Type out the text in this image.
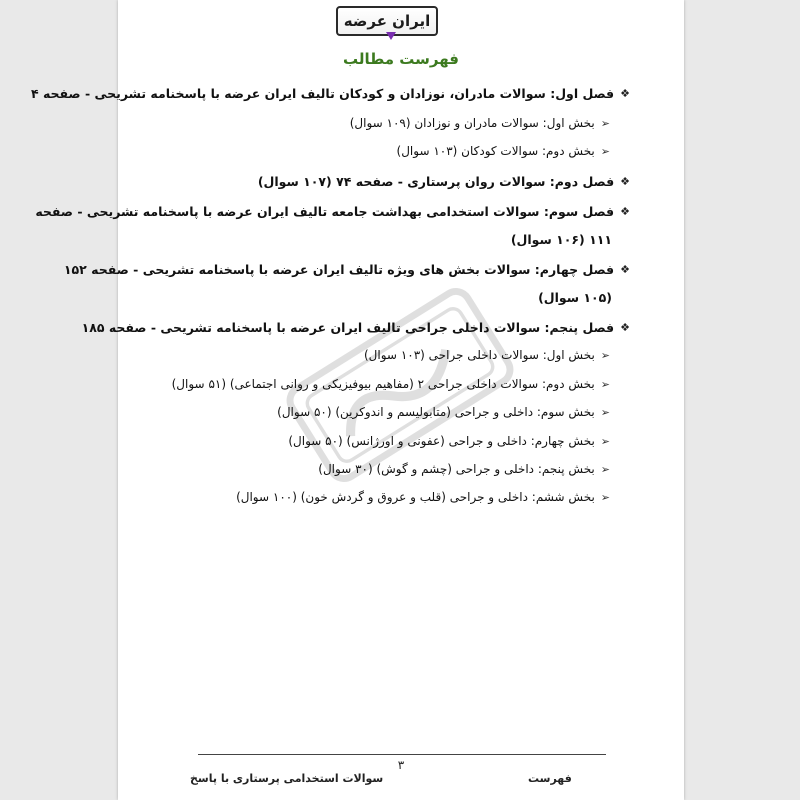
ایران عرضه
فهرست مطالب
❖
فصل اول: سوالات مادران، نوزادان و کودکان تالیف ایران عرضه با پاسخنامه تشریحی - صفحه ۴
➢
بخش اول: سوالات مادران و نوزادان (۱۰۹ سوال)
➢
بخش دوم: سوالات کودکان (۱۰۳ سوال)
❖
فصل دوم: سوالات روان پرستاری - صفحه ۷۴ (۱۰۷ سوال)
❖
فصل سوم: سوالات استخدامی بهداشت جامعه تالیف ایران عرضه با پاسخنامه تشریحی - صفحه
۱۱۱ (۱۰۶ سوال)
❖
فصل چهارم: سوالات بخش های ویژه تالیف ایران عرضه با پاسخنامه تشریحی - صفحه ۱۵۲
(۱۰۵ سوال)
❖
فصل پنجم: سوالات داخلی جراحی تالیف ایران عرضه با پاسخنامه تشریحی - صفحه ۱۸۵
➢
بخش اول: سوالات داخلی جراحی (۱۰۳ سوال)
➢
بخش دوم: سوالات داخلی جراحی ۲ (مفاهیم بیوفیزیکی و روانی اجتماعی) (۵۱ سوال)
➢
بخش سوم: داخلی و جراحی (متابولیسم و اندوکرین) (۵۰ سوال)
➢
بخش چهارم: داخلی و جراحی (عفونی و اورژانس) (۵۰ سوال)
➢
بخش پنجم: داخلی و جراحی (چشم و گوش) (۳۰ سوال)
➢
بخش ششم: داخلی و جراحی (قلب و عروق و گردش خون) (۱۰۰ سوال)
۳
سوالات استخدامی پرستاری با پاسخ	فهرست
